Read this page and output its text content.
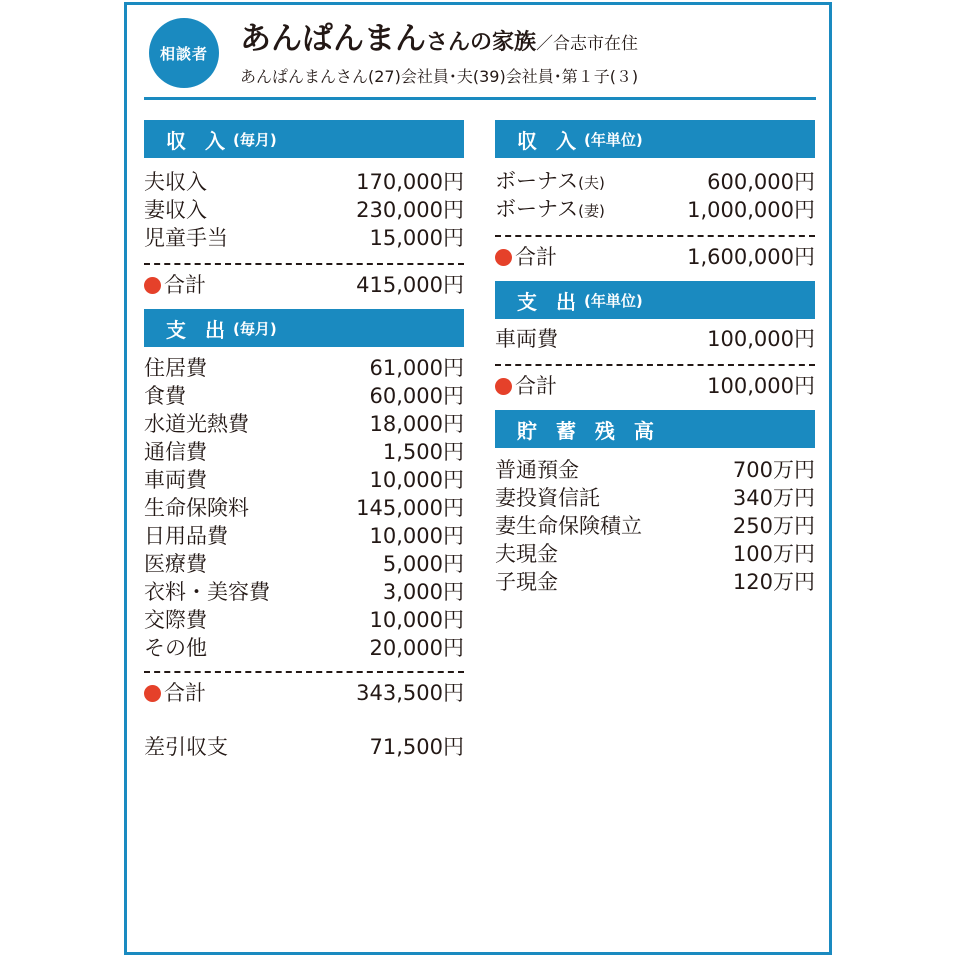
相談者	あんぱんまんさんの家族／合志市在住
あんぱんまんさん(27)会社員･夫(39)会社員･第１子(３)
収 入 (毎月)
夫収入	170,000円
妻収入	230,000円
児童手当	15,000円
合計	415,000円
支 出 (毎月)
住居費	61,000円
食費	60,000円
水道光熱費	18,000円
通信費	1,500円
車両費	10,000円
生命保険料	145,000円
日用品費	10,000円
医療費	5,000円
衣料・美容費	3,000円
交際費	10,000円
その他	20,000円
合計	343,500円
差引収支	71,500円
収 入 (年単位)
ボーナス(夫)	600,000円
ボーナス(妻)	1,000,000円
合計	1,600,000円
支 出 (年単位)
車両費	100,000円
合計	100,000円
貯 蓄 残 高
普通預金	700万円
妻投資信託	340万円
妻生命保険積立	250万円
夫現金	100万円
子現金	120万円
